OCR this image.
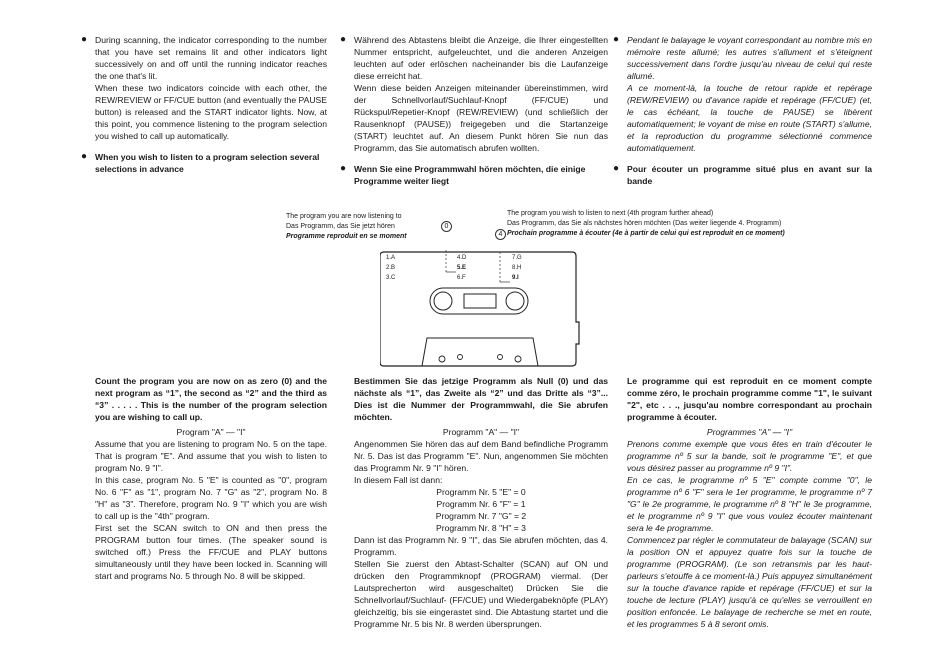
● During scanning, the indicator corresponding to the number that you have set remains lit and other indicators light successively on and off until the running indicator reaches the one that's lit.

When these two indicators coincide with each other, the REW/REVIEW or FF/CUE button (and eventually the PAUSE button) is released and the START indicator lights. Now, at this point, you commence listening to the program selection you wished to call up automatically.

● When you wish to listen to a program selection several selections in advance

● Während des Abtastens bleibt die Anzeige, die Ihrer eingestellten Nummer entspricht, aufgeleuchtet, und die anderen Anzeigen leuchten auf oder erlöschen nacheinander bis die Laufanzeige diese erreicht hat.

Wenn diese beiden Anzeigen miteinander übereinstimmen, wird der Schnellvorlauf/Suchlauf-Knopf (FF/CUE) und Rückspul/Repetier-Knopf (REW/REVIEW) (und schließlich der Rausenknopf (PAUSE)) freigegeben und die Startanzeige (START) leuchtet auf. An diesem Punkt hören Sie nun das Programm, das Sie automatisch abrufen wollten.

● Wenn Sie eine Programmwahl hören möchten, die einige Programme weiter liegt

● Pendant le balayage le voyant correspondant au nombre mis en mémoire reste allumé; les autres s'allument et s'éteignent successivement dans l'ordre jusqu'au niveau de celui qui reste allumé.

A ce moment-là, la touche de retour rapide et repérage (REW/REVIEW) ou d'avance rapide et repérage (FF/CUE) (et, le cas échéant, la touche de PAUSE) se libèrent automatiquement; le voyant de mise en route (START) s'allume, et la reproduction du programme sélectionné commence automatiquement.

● Pour écouter un programme situé plus en avant sur la bande

The program you are now listening to
Das Programm, das Sie jetzt hören
Programme reproduit en se moment
0
The program you wish to listen to next (4th program further ahead)
Das Programm, das Sie als nächstes hören möchten (Das weiter liegende 4. Programm)
Prochain programme à écouter (4e à partir de celui qui est reproduit en ce moment)
4
1.A
2.B
3.C
4.D
5.E
6.F
7.G
8.H
9.I

Count the program you are now on as zero (0) and the next program as “1”, the second as “2” and the third as “3” . . . . . This is the number of the program selection you are wishing to call up.

Program "A" — "I"

Assume that you are listening to program No. 5 on the tape. That is program "E". And assume that you wish to listen to program No. 9 "I".

In this case, program No. 5 "E" is counted as "0", program No. 6 "F" as "1", program No. 7 "G" as "2", program No. 8 "H" as "3". Therefore, program No. 9 "I" which you are wish to call up is the "4th" program.

First set the SCAN switch to ON and then press the PROGRAM button four times. (The speaker sound is switched off.) Press the FF/CUE and PLAY buttons simultaneously until they have been locked in. Scanning will start and programs No. 5 through No. 8 will be skipped.

Bestimmen Sie das jetzige Programm als Null (0) und das nächste als “1”, das Zweite als “2” und das Dritte als “3”... Dies ist die Nummer der Programmwahl, die Sie abrufen möchten.

Programm "A" — "I"

Angenommen Sie hören das auf dem Band befindliche Programm Nr. 5. Das ist das Programm "E". Nun, angenommen Sie möchten das Programm Nr. 9 "I" hören.

In diesem Fall ist dann:

Programm Nr. 5 "E" = 0
Programm Nr. 6 "F" = 1
Programm Nr. 7 "G" = 2
Programm Nr. 8 "H" = 3

Dann ist das Programm Nr. 9 "I", das Sie abrufen möchten, das 4. Programm.

Stellen Sie zuerst den Abtast-Schalter (SCAN) auf ON und drücken den Programmknopf (PROGRAM) viermal. (Der Lautsprecherton wird ausgeschaltet) Drücken Sie die Schnellvorlauf/Suchlauf- (FF/CUE) und Wiedergabeknöpfe (PLAY) gleichzeitig, bis sie eingerastet sind. Die Abtastung startet und die Programme Nr. 5 bis Nr. 8 werden übersprungen.

Le programme qui est reproduit en ce moment compte comme zéro, le prochain programme comme "1", le suivant "2", etc . . ., jusqu'au nombre correspondant au prochain programme à écouter.

Programmes "A" — "I"

Prenons comme exemple que vous êtes en train d'écouter le programme nº 5 sur la bande, soit le programme "E", et que vous désirez passer au programme nº 9 "I".

En ce cas, le programme nº 5 "E" compte comme "0", le programme nº 6 "F" sera le 1er programme, le programme nº 7 "G" le 2e programme, le programme nº 8 "H" le 3e programme, et le programme nº 9 "I" que vous voulez écouter maintenant sera le 4e programme.

Commencez par régler le commutateur de balayage (SCAN) sur la position ON et appuyez quatre fois sur la touche de programme (PROGRAM). (Le son retransmis par les haut-parleurs s'etouffe à ce moment-là.) Puis appuyez simultanément sur la touche d'avance rapide et repérage (FF/CUE) et sur la touche de lecture (PLAY) jusqu'à ce qu'elles se verrouillent en position enfoncée. Le balayage de recherche se met en route, et les programmes 5 à 8 seront omis.
